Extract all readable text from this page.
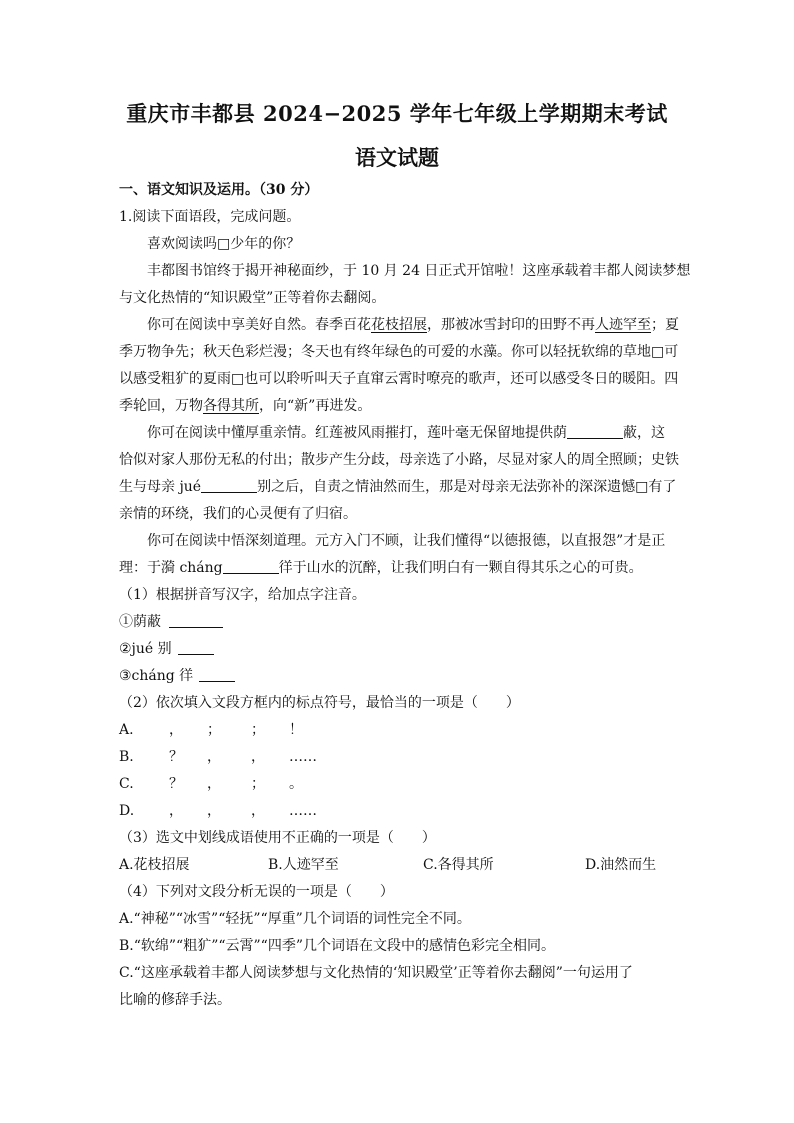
重庆市丰都县 2024−2025 学年七年级上学期期末考试
语文试题
一、语文知识及运用。（30 分）
1.阅读下面语段，完成问题。
喜欢阅读吗□少年的你？
丰都图书馆终于揭开神秘面纱，于 10 月 24 日正式开馆啦！这座承载着丰都人阅读梦想
与文化热情的“知识殿堂”正等着你去翻阅。
你可在阅读中享美好自然。春季百花花枝招展，那被冰雪封印的田野不再人迹罕至；夏
季万物争先；秋天色彩烂漫；冬天也有终年绿色的可爱的水藻。你可以轻抚软绵的草地□可
以感受粗犷的夏雨□也可以聆听叫天子直窜云霄时嘹亮的歌声，还可以感受冬日的暖阳。四
季轮回，万物各得其所，向“新”再进发。
你可在阅读中懂厚重亲情。红莲被风雨摧打，莲叶毫无保留地提供荫	蔽，这
恰似对家人那份无私的付出；散步产生分歧，母亲选了小路，尽显对家人的周全照顾；史铁
生与母亲 jué	别之后，自责之情油然而生，那是对母亲无法弥补的深深遗憾□有了
亲情的环绕，我们的心灵便有了归宿。
你可在阅读中悟深刻道理。元方入门不顾，让我们懂得“以德报德，以直报怨”才是正
理：于漪 cháng	徉于山水的沉醉，让我们明白有一颗自得其乐之心的可贵。
（1）根据拼音写汉字，给加点字注音。
①荫蔽
②jué 别
③cháng 徉
（2）依次填入文段方框内的标点符号，最恰当的一项是（　　）
A.	， ； ； ！
B.	？ ， ， ……
C.	？ ， ； 。
D. ， ， ， ……
（3）选文中划线成语使用不正确的一项是（　　）
A.花枝招展	B.人迹罕至	C.各得其所	D.油然而生
（4）下列对文段分析无误的一项是（　　）
A.“神秘”“冰雪”“轻抚”“厚重”几个词语的词性完全不同。
B.“软绵”“粗犷”“云霄”“四季”几个词语在文段中的感情色彩完全相同。
C.“这座承载着丰都人阅读梦想与文化热情的‘知识殿堂’正等着你去翻阅”一句运用了
比喻的修辞手法。
